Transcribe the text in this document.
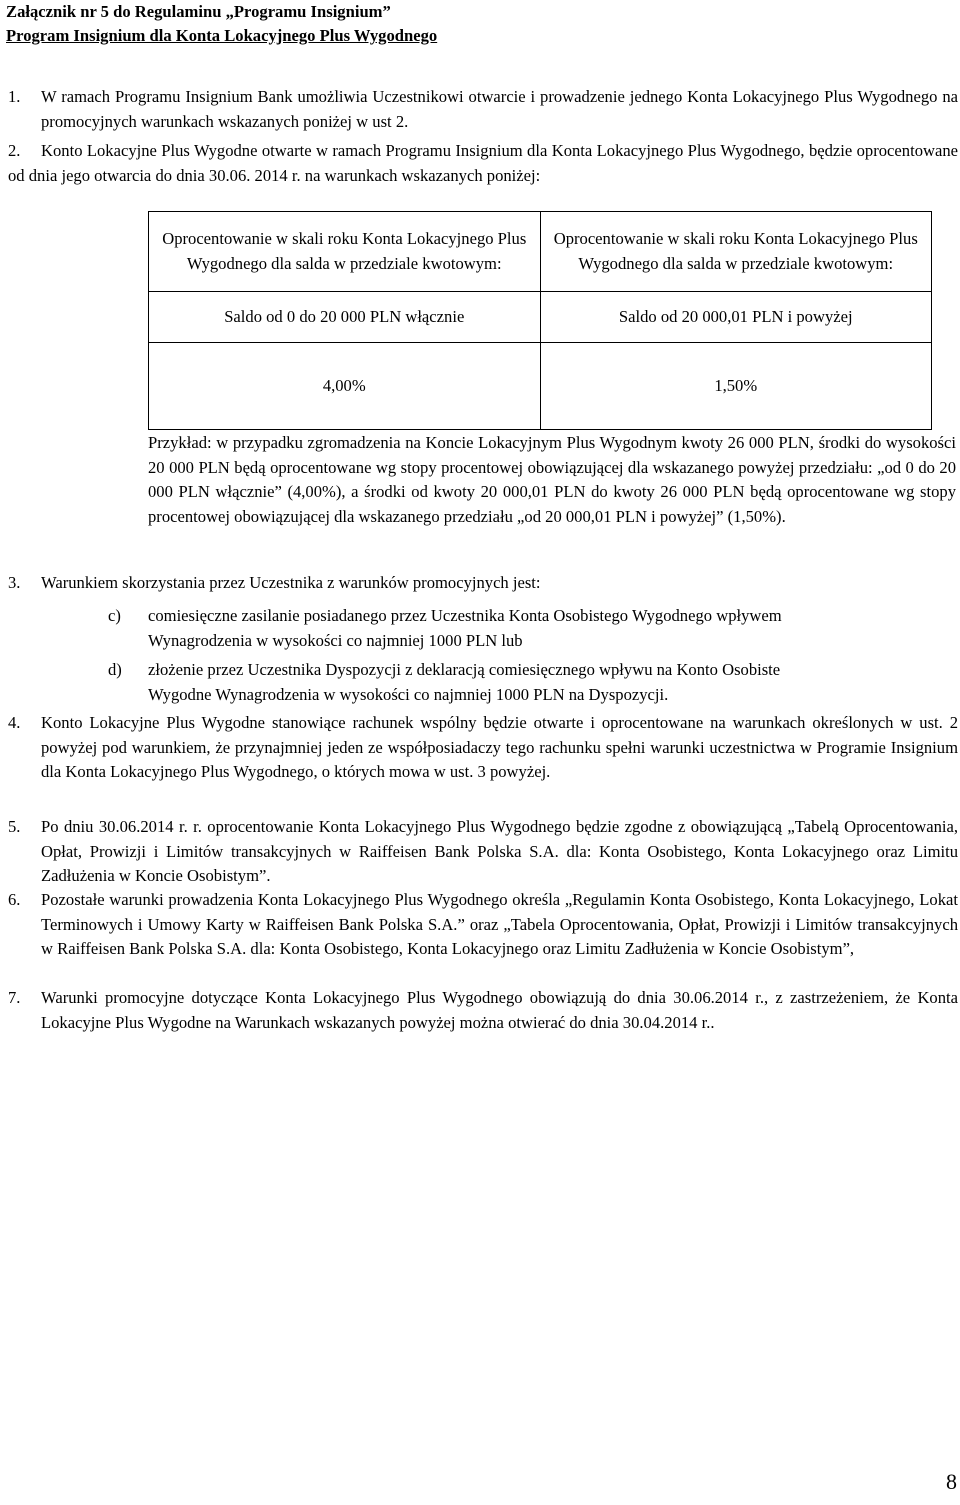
Załącznik nr 5 do Regulaminu „Programu Insignium”
Program Insignium dla Konta Lokacyjnego Plus Wygodnego
1.	W ramach Programu Insignium Bank umożliwia Uczestnikowi otwarcie i prowadzenie jednego Konta Lokacyjnego Plus Wygodnego na promocyjnych warunkach wskazanych poniżej w ust 2.
2.	Konto Lokacyjne Plus Wygodne otwarte w ramach Programu Insignium dla Konta Lokacyjnego Plus Wygodnego, będzie oprocentowane od dnia jego otwarcia do dnia 30.06. 2014 r. na warunkach wskazanych poniżej:
Oprocentowanie w skali roku Konta Lokacyjnego Plus Wygodnego dla salda w przedziale kwotowym:	Oprocentowanie w skali roku Konta Lokacyjnego Plus Wygodnego dla salda w przedziale kwotowym:
Saldo od 0 do 20 000 PLN włącznie	Saldo od 20 000,01 PLN i powyżej
4,00%	1,50%
Przykład: w przypadku zgromadzenia na Koncie Lokacyjnym Plus Wygodnym kwoty 26 000 PLN, środki do wysokości 20 000 PLN będą oprocentowane wg stopy procentowej obowiązującej dla wskazanego powyżej przedziału: „od 0 do 20 000 PLN włącznie” (4,00%), a środki od kwoty 20 000,01 PLN do kwoty 26 000 PLN będą oprocentowane wg stopy procentowej obowiązującej dla wskazanego przedziału „od 20 000,01 PLN i powyżej” (1,50%).
3.	Warunkiem skorzystania przez Uczestnika z warunków promocyjnych jest:
c)	comiesięczne zasilanie posiadanego przez Uczestnika Konta Osobistego Wygodnego wpływem
Wynagrodzenia w wysokości co najmniej 1000 PLN lub
d)	złożenie przez Uczestnika Dyspozycji z deklaracją comiesięcznego wpływu na Konto Osobiste
Wygodne Wynagrodzenia w wysokości co najmniej 1000 PLN na Dyspozycji.
4.	Konto Lokacyjne Plus Wygodne stanowiące rachunek wspólny będzie otwarte i oprocentowane na warunkach określonych w ust. 2 powyżej pod warunkiem, że przynajmniej jeden ze współposiadaczy tego rachunku spełni warunki uczestnictwa w Programie Insignium dla Konta Lokacyjnego Plus Wygodnego, o których mowa w ust. 3 powyżej.
5.	Po dniu 30.06.2014 r. r. oprocentowanie Konta Lokacyjnego Plus Wygodnego będzie zgodne z obowiązującą „Tabelą Oprocentowania, Opłat, Prowizji i Limitów transakcyjnych w Raiffeisen Bank Polska S.A. dla: Konta Osobistego, Konta Lokacyjnego oraz Limitu Zadłużenia w Koncie Osobistym”.
6.	Pozostałe warunki prowadzenia Konta Lokacyjnego Plus Wygodnego określa „Regulamin Konta Osobistego, Konta Lokacyjnego, Lokat Terminowych i Umowy Karty w Raiffeisen Bank Polska S.A.” oraz „Tabela Oprocentowania, Opłat, Prowizji i Limitów transakcyjnych w Raiffeisen Bank Polska S.A. dla: Konta Osobistego, Konta Lokacyjnego oraz Limitu Zadłużenia w Koncie Osobistym”,
7.	Warunki promocyjne dotyczące Konta Lokacyjnego Plus Wygodnego obowiązują do dnia 30.06.2014 r., z zastrzeżeniem, że Konta Lokacyjne Plus Wygodne na Warunkach wskazanych powyżej można otwierać do dnia 30.04.2014 r..
8
